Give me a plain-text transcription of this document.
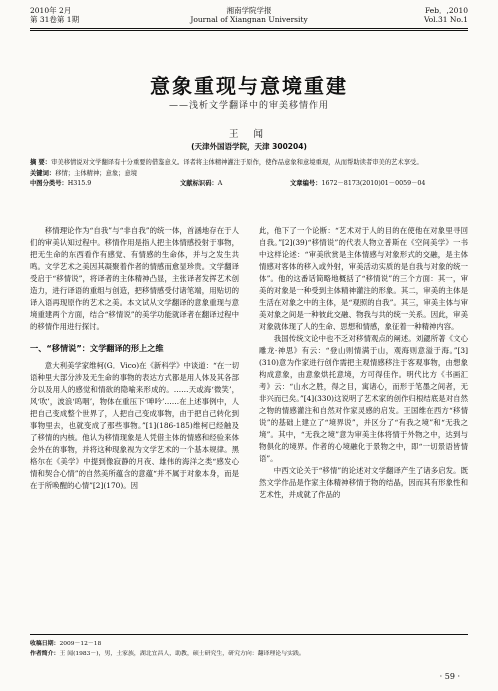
2010年 2月
第 31卷第 1期
湘南学院学报
Journal of Xiangnan University
Feb．,2010
Vol.31 No.1
意象重现与意境重建
——浅析文学翻译中的审美移情作用
王 闻
(天津外国语学院，天津 300204)
摘 要：审美移情说对文学翻译有十分重要的借鉴意义。译者将主体精神灌注于原作，使作品意象和意境重现，从而帮助读者审美的艺术享受。
关键词：移情；主体精神；意象；意境
中图分类号： H315.9	文献标识码： A	文章编号： 1672－8173(2010)01－0059－04

移情理论作为“自我”与“非自我”的统一体，首涵地存在于人们的审美认知过程中。移情作用是指人把主体情感投射于事物，把无生命的东西看作有感觉、有情感的生命体，并与之发生共鸣。文学艺术之美因其凝聚着作者的情感而愈显珍贵。文学翻译受启于“移情说”，将译者的主体精神凸显，主张译者发挥艺术创造力，进行译语的重组与创造，把移情感受付诸笔端，用贴切的译入语再现原作的艺术之美。本文试从文学翻译的意象重现与意境重建两个方面，结合“移情说”的美学功能就译者在翻译过程中的移情作用进行探讨。

一、“移情说”：文学翻译的形上之维

意大利美学家维柯(G．Vico)在《新科学》中谈道：“在一切语种里大部分涉及无生命的事物的表达方式都是用人体及其各部分以及用人的感觉和情欲的隐喻来形成的。……天或海‘微笑’，风‘吹’，波浪‘呜咽’，物体在重压下‘呻吟’……在上述事例中，人把自己变成整个世界了，人把自己变成事物，由于把自己转化到事物里去，也就变成了那些事物。”[1](186-185)维柯已经触及了移情的内核。他认为移情现象是人凭借主体的情感和经验来体会外在的事物，并将这种现象视为文学艺术的一个基本规律。黑格尔在《美学》中提到像寂静的月夜、雄伟的海洋之类“感发心情和契合心情”的自然美所蕴含的意蕴“并不属于对象本身，而是在于所唤醒的心情”[2](170)。因

此，他下了一个论断：“艺术对于人的目的在使他在对象里寻回自我。”[2](39)“移情说”的代表人物立普斯在《空间美学》一书中这样论述：“审美欣赏是主体情感与对象形式的交融，是主体情感对客体的移入或外射，审美活动实质的是自我与对象的统一体”。他的这番话简略地概括了“移情说”的三个方面：其一，审美的对象是一种受到主体精神灌注的形象。其二，审美的主体是生活在对象之中的主体，是“观照的自我”。其三，审美主体与审美对象之间是一种彼此交融、物我与共的统一关系。因此，审美对象就体现了人的生命、思想和情感，象征着一种精神内容。

我国传统文论中也不乏对移情观点的阐述。刘勰所著《文心雕龙·神思》有云：“登山则情满于山，观海则意溢于海。”[3](310)意为作家进行创作需把主观情感移注于客观事物，由想象构成意象，由意象烘托意境，方可得佳作。明代比方《书画汇考》云：“山水之胜，得之目，寓诸心，而形于笔墨之间者，无非兴而已矣。”[4](330)这说明了艺术家的创作归根结底是对自然之物的情感灌注和自然对作家灵感的启发。王国维在西方“移情说”的基础上建立了“境界说”，并区分了“有我之境”和“无我之境”。其中，“无我之境”意为审美主体将情于外物之中，达到与物俱化的境界。作者的心境融化于景物之中，即“一切景语皆情语”。

中西文论关于“移情”的论述对文学翻译产生了诸多启发。既然文学作品是作家主体精神移情于物的结晶，因而其有形象性和艺术性，并成就了作品的

收稿日期：2009－12－18
作者简介：王 闻(1983－)，男，土家族，湖北宜昌人，助教，硕士研究生，研究方向：翻译理论与实践。
· 59 ·
